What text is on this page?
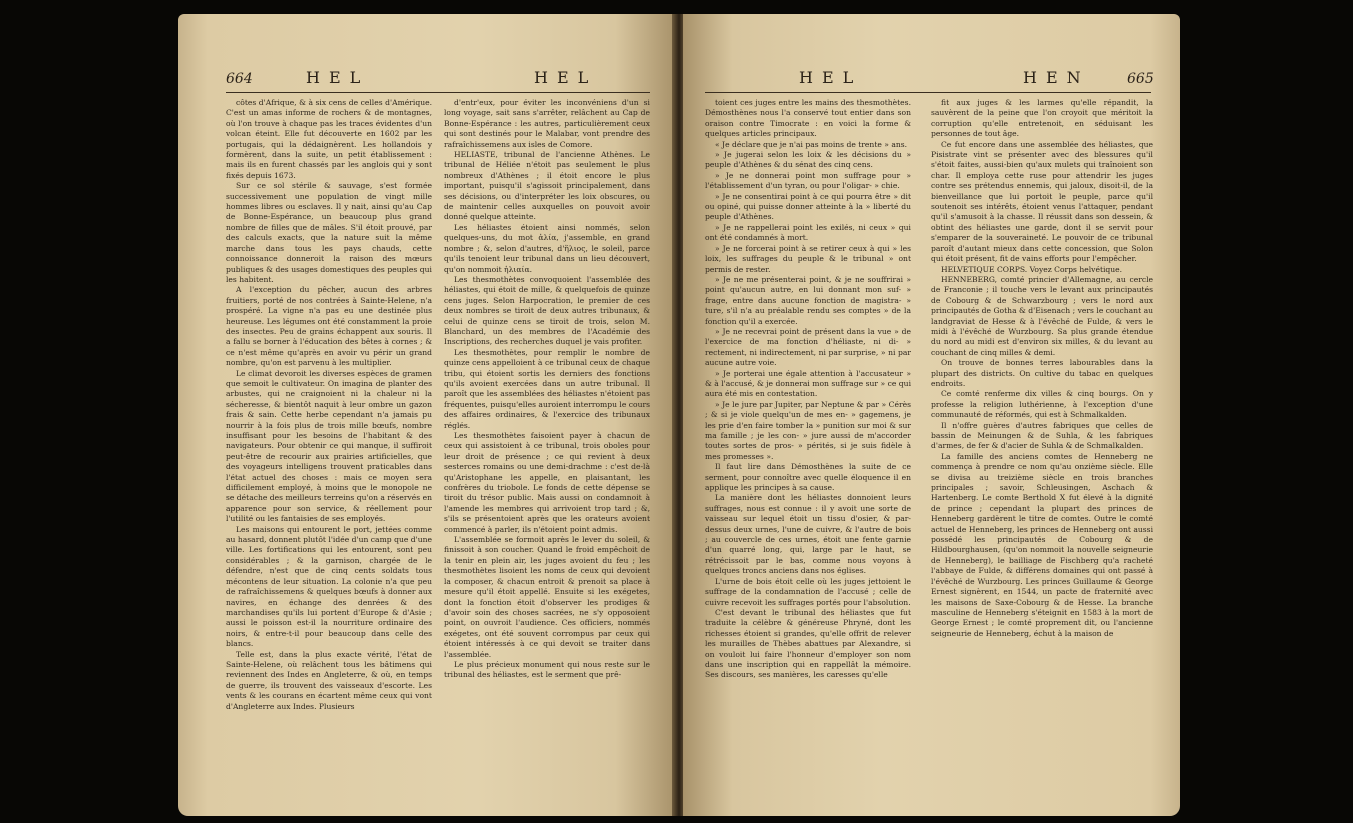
664	HEL	HEL

côtes d'Afrique, & à six cens de celles d'Amérique. C'est un amas informe de rochers & de montagnes, où l'on trouve à chaque pas les traces évidentes d'un volcan éteint. Elle fut découverte en 1602 par les portugais, qui la dédaignèrent. Les hollandois y formèrent, dans la suite, un petit établissement : mais ils en furent chassés par les anglois qui y sont fixés depuis 1673.

Sur ce sol stérile & sauvage, s'est formée successivement une population de vingt mille hommes libres ou esclaves. Il y nait, ainsi qu'au Cap de Bonne-Espérance, un beaucoup plus grand nombre de filles que de mâles. S'il étoit prouvé, par des calculs exacts, que la nature suit la même marche dans tous les pays chauds, cette connoissance donneroit la raison des mœurs publiques & des usages domestiques des peuples qui les habitent.

A l'exception du pêcher, aucun des arbres fruitiers, porté de nos contrées à Sainte-Helene, n'a prospéré. La vigne n'a pas eu une destinée plus heureuse. Les légumes ont été constamment la proie des insectes. Peu de grains échappent aux souris. Il a fallu se borner à l'éducation des bêtes à cornes ; & ce n'est même qu'après en avoir vu périr un grand nombre, qu'on est parvenu à les multiplier.

Le climat devoroit les diverses espèces de gramen que semoit le cultivateur. On imagina de planter des arbustes, qui ne craignoient ni la chaleur ni la sécheresse, & bientôt naquit à leur ombre un gazon frais & sain. Cette herbe cependant n'a jamais pu nourrir à la fois plus de trois mille bœufs, nombre insuffisant pour les besoins de l'habitant & des navigateurs. Pour obtenir ce qui manque, il suffiroit peut-être de recourir aux prairies artificielles, que des voyageurs intelligens trouvent praticables dans l'état actuel des choses : mais ce moyen sera difficilement employé, à moins que le monopole ne se détache des meilleurs terreins qu'on a réservés en apparence pour son service, & réellement pour l'utilité ou les fantaisies de ses employés.

Les maisons qui entourent le port, jettées comme au hasard, donnent plutôt l'idée d'un camp que d'une ville. Les fortifications qui les entourent, sont peu considérables ; & la garnison, chargée de le défendre, n'est que de cinq cents soldats tous mécontens de leur situation. La colonie n'a que peu de rafraîchissemens & quelques bœufs à donner aux navires, en échange des denrées & des marchandises qu'ils lui portent d'Europe & d'Asie ; aussi le poisson est-il la nourriture ordinaire des noirs, & entre-t-il pour beaucoup dans celle des blancs.

Telle est, dans la plus exacte vérité, l'état de Sainte-Helene, où relâchent tous les bâtimens qui reviennent des Indes en Angleterre, & où, en temps de guerre, ils trouvent des vaisseaux d'escorte. Les vents & les courans en écartent même ceux qui vont d'Angleterre aux Indes. Plusieurs

d'entr'eux, pour éviter les inconvéniens d'un si long voyage, sait sans s'arrêter, relâchent au Cap de Bonne-Espérance : les autres, particulièrement ceux qui sont destinés pour le Malabar, vont prendre des rafraîchissemens aux isles de Comore.

HELIASTE, tribunal de l'ancienne Athènes. Le tribunal de Héliée n'étoit pas seulement le plus nombreux d'Athènes ; il étoit encore le plus important, puisqu'il s'agissoit principalement, dans ses décisions, ou d'interpréter les loix obscures, ou de maintenir celles auxquelles on pouvoit avoir donné quelque atteinte.

Les héliastes étoient ainsi nommés, selon quelques-uns, du mot ἁλία, j'assemble, en grand nombre ; &, selon d'autres, d'ἥλιος, le soleil, parce qu'ils tenoient leur tribunal dans un lieu découvert, qu'on nommoit ἡλιαία.

Les thesmothètes convoquoient l'assemblée des héliastes, qui étoit de mille, & quelquefois de quinze cens juges. Selon Harpocration, le premier de ces deux nombres se tiroit de deux autres tribunaux, & celui de quinze cens se tiroit de trois, selon M. Blanchard, un des membres de l'Académie des Inscriptions, des recherches duquel je vais profiter.

Les thesmothètes, pour remplir le nombre de quinze cens appelloient à ce tribunal ceux de chaque tribu, qui étoient sortis les derniers des fonctions qu'ils avoient exercées dans un autre tribunal. Il paroît que les assemblées des héliastes n'étoient pas fréquentes, puisqu'elles auroient interrompu le cours des affaires ordinaires, & l'exercice des tribunaux réglés.

Les thesmothètes faisoient payer à chacun de ceux qui assistoient à ce tribunal, trois oboles pour leur droit de présence ; ce qui revient à deux sesterces romains ou une demi-drachme : c'est de-là qu'Aristophane les appelle, en plaisantant, les confrères du triobole. Le fonds de cette dépense se tiroit du trésor public. Mais aussi on condamnoit à l'amende les membres qui arrivoient trop tard ; &, s'ils se présentoient après que les orateurs avoient commencé à parler, ils n'étoient point admis.

L'assemblée se formoit après le lever du soleil, & finissoit à son coucher. Quand le froid empêchoit de la tenir en plein air, les juges avoient du feu ; les thesmothètes lisoient les noms de ceux qui devoient la composer, & chacun entroit & prenoit sa place à mesure qu'il étoit appellé. Ensuite si les exégetes, dont la fonction étoit d'observer les prodiges & d'avoir soin des choses sacrées, ne s'y opposoient point, on ouvroit l'audience. Ces officiers, nommés exégetes, ont été souvent corrompus par ceux qui étoient intéressés à ce qui devoit se traiter dans l'assemblée.

Le plus précieux monument qui nous reste sur le tribunal des héliastes, est le serment que prê-

HEL	HEN	665

toient ces juges entre les mains des thesmothètes. Démosthènes nous l'a conservé tout entier dans son oraison contre Timocrate : en voici la forme & quelques articles principaux.

« Je déclare que je n'ai pas moins de trente » ans.

» Je jugerai selon les loix & les décisions du » peuple d'Athènes & du sénat des cinq cens.

» Je ne donnerai point mon suffrage pour » l'établissement d'un tyran, ou pour l'oligar- » chie.

» Je ne consentirai point à ce qui pourra être » dit ou opiné, qui puisse donner atteinte à la » liberté du peuple d'Athènes.

» Je ne rappellerai point les exilés, ni ceux » qui ont été condamnés à mort.

» Je ne forcerai point à se retirer ceux à qui » les loix, les suffrages du peuple & le tribunal » ont permis de rester.

» Je ne me présenterai point, & je ne souffrirai » point qu'aucun autre, en lui donnant mon suf- » frage, entre dans aucune fonction de magistra- » ture, s'il n'a au préalable rendu ses comptes » de la fonction qu'il a exercée.

» Je ne recevrai point de présent dans la vue » de l'exercice de ma fonction d'héliaste, ni di- » rectement, ni indirectement, ni par surprise, » ni par aucune autre voie.

» Je porterai une égale attention à l'accusateur » & à l'accusé, & je donnerai mon suffrage sur » ce qui aura été mis en contestation.

» Je le jure par Jupiter, par Neptune & par » Cérès ; & si je viole quelqu'un de mes en- » gagemens, je les prie d'en faire tomber la » punition sur moi & sur ma famille ; je les con- » jure aussi de m'accorder toutes sortes de pros- » pérités, si je suis fidèle à mes promesses ».

Il faut lire dans Démosthènes la suite de ce serment, pour connoître avec quelle éloquence il en applique les principes à sa cause.

La manière dont les héliastes donnoient leurs suffrages, nous est connue : il y avoit une sorte de vaisseau sur lequel étoit un tissu d'osier, & par-dessus deux urnes, l'une de cuivre, & l'autre de bois ; au couvercle de ces urnes, étoit une fente garnie d'un quarré long, qui, large par le haut, se rétrécissoit par le bas, comme nous voyons à quelques troncs anciens dans nos églises.

L'urne de bois étoit celle où les juges jettoient le suffrage de la condamnation de l'accusé ; celle de cuivre recevoit les suffrages portés pour l'absolution.

C'est devant le tribunal des héliastes que fut traduite la célèbre & généreuse Phryné, dont les richesses étoient si grandes, qu'elle offrit de relever les murailles de Thèbes abattues par Alexandre, si on vouloit lui faire l'honneur d'employer son nom dans une inscription qui en rappellât la mémoire. Ses discours, ses manières, les caresses qu'elle

fit aux juges & les larmes qu'elle répandit, la sauvèrent de la peine que l'on croyoit que méritoit la corruption qu'elle entretenoit, en séduisant les personnes de tout âge.

Ce fut encore dans une assemblée des héliastes, que Pisistrate vint se présenter avec des blessures qu'il s'étoit faites, aussi-bien qu'aux mulets qui traînoient son char. Il employa cette ruse pour attendrir les juges contre ses prétendus ennemis, qui jaloux, disoit-il, de la bienveillance que lui portoit le peuple, parce qu'il soutenoit ses intérêts, étoient venus l'attaquer, pendant qu'il s'amusoit à la chasse. Il réussit dans son dessein, & obtint des héliastes une garde, dont il se servit pour s'emparer de la souveraineté. Le pouvoir de ce tribunal paroît d'autant mieux dans cette concession, que Solon qui étoit présent, fit de vains efforts pour l'empêcher.

HELVETIQUE CORPS. Voyez Corps helvétique.

HENNEBERG, comté princier d'Allemagne, au cercle de Franconie ; il touche vers le levant aux principautés de Cobourg & de Schwarzbourg ; vers le nord aux principautés de Gotha & d'Eisenach ; vers le couchant au landgraviat de Hesse & à l'évêché de Fulde, & vers le midi à l'évêché de Wurzbourg. Sa plus grande étendue du nord au midi est d'environ six milles, & du levant au couchant de cinq milles & demi.

On trouve de bonnes terres labourables dans la plupart des districts. On cultive du tabac en quelques endroits.

Ce comté renferme dix villes & cinq bourgs. On y professe la religion luthérienne, à l'exception d'une communauté de réformés, qui est à Schmalkalden.

Il n'offre guères d'autres fabriques que celles de bassin de Meinungen & de Suhla, & les fabriques d'armes, de fer & d'acier de Suhla & de Schmalkalden.

La famille des anciens comtes de Henneberg ne commença à prendre ce nom qu'au onzième siècle. Elle se divisa au treizième siècle en trois branches principales ; savoir, Schleusingen, Aschach & Hartenberg. Le comte Berthold X fut élevé à la dignité de prince ; cependant la plupart des princes de Henneberg gardèrent le titre de comtes. Outre le comté actuel de Henneberg, les princes de Henneberg ont aussi possédé les principautés de Cobourg & de Hildbourghausen, (qu'on nommoit la nouvelle seigneurie de Henneberg), le bailliage de Fischberg qu'a racheté l'abbaye de Fulde, & différens domaines qui ont passé à l'évêché de Wurzbourg. Les princes Guillaume & George Ernest signèrent, en 1544, un pacte de fraternité avec les maisons de Saxe-Cobourg & de Hesse. La branche masculine de Henneberg s'éteignit en 1583 à la mort de George Ernest ; le comté proprement dit, ou l'ancienne seigneurie de Henneberg, échut à la maison de
